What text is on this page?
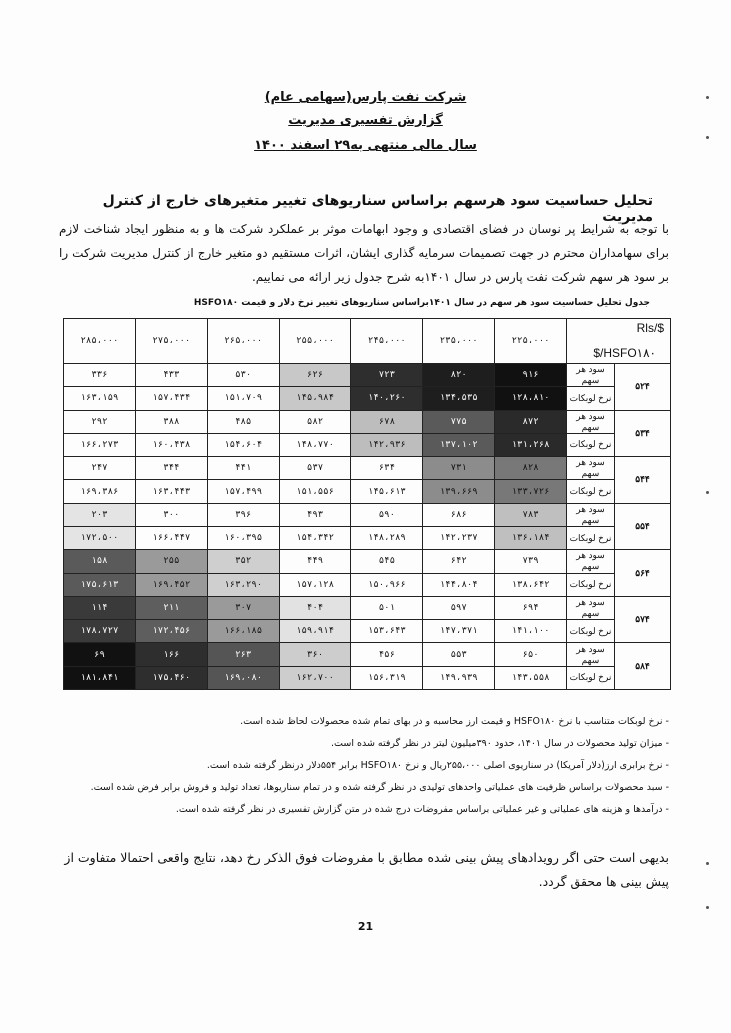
شرکت نفت پارس(سهامی عام)
گزارش تفسیری مدیریت
سال مالی منتهی به۲۹ اسفند ۱۴۰۰
تحلیل حساسیت سود هرسهم براساس سناریوهای تغییر متغیرهای خارج از کنترل مدیریت
با توجه به شرایط پر نوسان در فضای اقتصادی و وجود ابهامات موثر بر عملکرد شرکت ها و به منظور ایجاد شناخت لازم برای سهامداران محترم در جهت تصمیمات سرمایه گذاری ایشان، اثرات مستقیم دو متغیر خارج از کنترل مدیریت شرکت را بر سود هر سهم شرکت نفت پارس در سال ۱۴۰۱به شرح جدول زیر ارائه می نماییم.
جدول تحلیل حساسیت سود هر سهم در سال ۱۴۰۱براساس سناریوهای تغییر نرخ دلار و قیمت HSFO۱۸۰
$/Rls
HSFO۱۸۰/$		۲۲۵،۰۰۰	۲۳۵،۰۰۰	۲۴۵،۰۰۰	۲۵۵،۰۰۰	۲۶۵،۰۰۰	۲۷۵،۰۰۰	۲۸۵،۰۰۰
۵۲۴	سود هر سهم	۹۱۶	۸۲۰	۷۲۳	۶۲۶	۵۳۰	۴۳۳	۳۳۶
	نرخ لوبکات	۱۲۸،۸۱۰	۱۳۴،۵۳۵	۱۴۰،۲۶۰	۱۴۵،۹۸۴	۱۵۱،۷۰۹	۱۵۷،۴۳۴	۱۶۳،۱۵۹
۵۳۴	سود هر سهم	۸۷۲	۷۷۵	۶۷۸	۵۸۲	۴۸۵	۳۸۸	۲۹۲
	نرخ لوبکات	۱۳۱،۲۶۸	۱۳۷،۱۰۲	۱۴۲،۹۳۶	۱۴۸،۷۷۰	۱۵۴،۶۰۴	۱۶۰،۴۳۸	۱۶۶،۲۷۳
۵۴۴	سود هر سهم	۸۲۸	۷۳۱	۶۳۴	۵۳۷	۴۴۱	۳۴۴	۲۴۷
	نرخ لوبکات	۱۳۳،۷۲۶	۱۳۹،۶۶۹	۱۴۵،۶۱۳	۱۵۱،۵۵۶	۱۵۷،۴۹۹	۱۶۳،۴۴۳	۱۶۹،۳۸۶
۵۵۴	سود هر سهم	۷۸۳	۶۸۶	۵۹۰	۴۹۳	۳۹۶	۳۰۰	۲۰۳
	نرخ لوبکات	۱۳۶،۱۸۴	۱۴۲،۲۳۷	۱۴۸،۲۸۹	۱۵۴،۳۴۲	۱۶۰،۳۹۵	۱۶۶،۴۴۷	۱۷۲،۵۰۰
۵۶۴	سود هر سهم	۷۳۹	۶۴۲	۵۴۵	۴۴۹	۳۵۲	۲۵۵	۱۵۸
	نرخ لوبکات	۱۳۸،۶۴۲	۱۴۴،۸۰۴	۱۵۰،۹۶۶	۱۵۷،۱۲۸	۱۶۳،۲۹۰	۱۶۹،۴۵۲	۱۷۵،۶۱۳
۵۷۴	سود هر سهم	۶۹۴	۵۹۷	۵۰۱	۴۰۴	۳۰۷	۲۱۱	۱۱۴
	نرخ لوبکات	۱۴۱،۱۰۰	۱۴۷،۳۷۱	۱۵۳،۶۴۳	۱۵۹،۹۱۴	۱۶۶،۱۸۵	۱۷۲،۴۵۶	۱۷۸،۷۲۷
۵۸۴	سود هر سهم	۶۵۰	۵۵۳	۴۵۶	۳۶۰	۲۶۳	۱۶۶	۶۹
	نرخ لوبکات	۱۴۳،۵۵۸	۱۴۹،۹۳۹	۱۵۶،۳۱۹	۱۶۲،۷۰۰	۱۶۹،۰۸۰	۱۷۵،۴۶۰	۱۸۱،۸۴۱
- نرخ لوبکات متناسب با نرخ HSFO۱۸۰ و قیمت ارز محاسبه و در بهای تمام شده محصولات لحاظ شده است.
- میزان تولید محصولات در سال ۱۴۰۱، حدود ۳۹۰میلیون لیتر در نظر گرفته شده است.
- نرخ برابری ارز(دلار آمریکا) در سناریوی اصلی ۲۵۵،۰۰۰ریال و نرخ HSFO۱۸۰ برابر ۵۵۴دلار درنظر گرفته شده است.
- سبد محصولات براساس ظرفیت های عملیاتی واحدهای تولیدی در نظر گرفته شده و در تمام سناریوها، تعداد تولید و فروش برابر فرض شده است.
- درآمدها و هزینه های عملیاتی و غیر عملیاتی براساس مفروضات درج شده در متن گزارش تفسیری در نظر گرفته شده است.
بدیهی است حتی اگر رویدادهای پیش بینی شده مطابق با مفروضات فوق الذکر رخ دهد، نتایج واقعی احتمالا متفاوت از پیش بینی ها محقق گردد.
21
